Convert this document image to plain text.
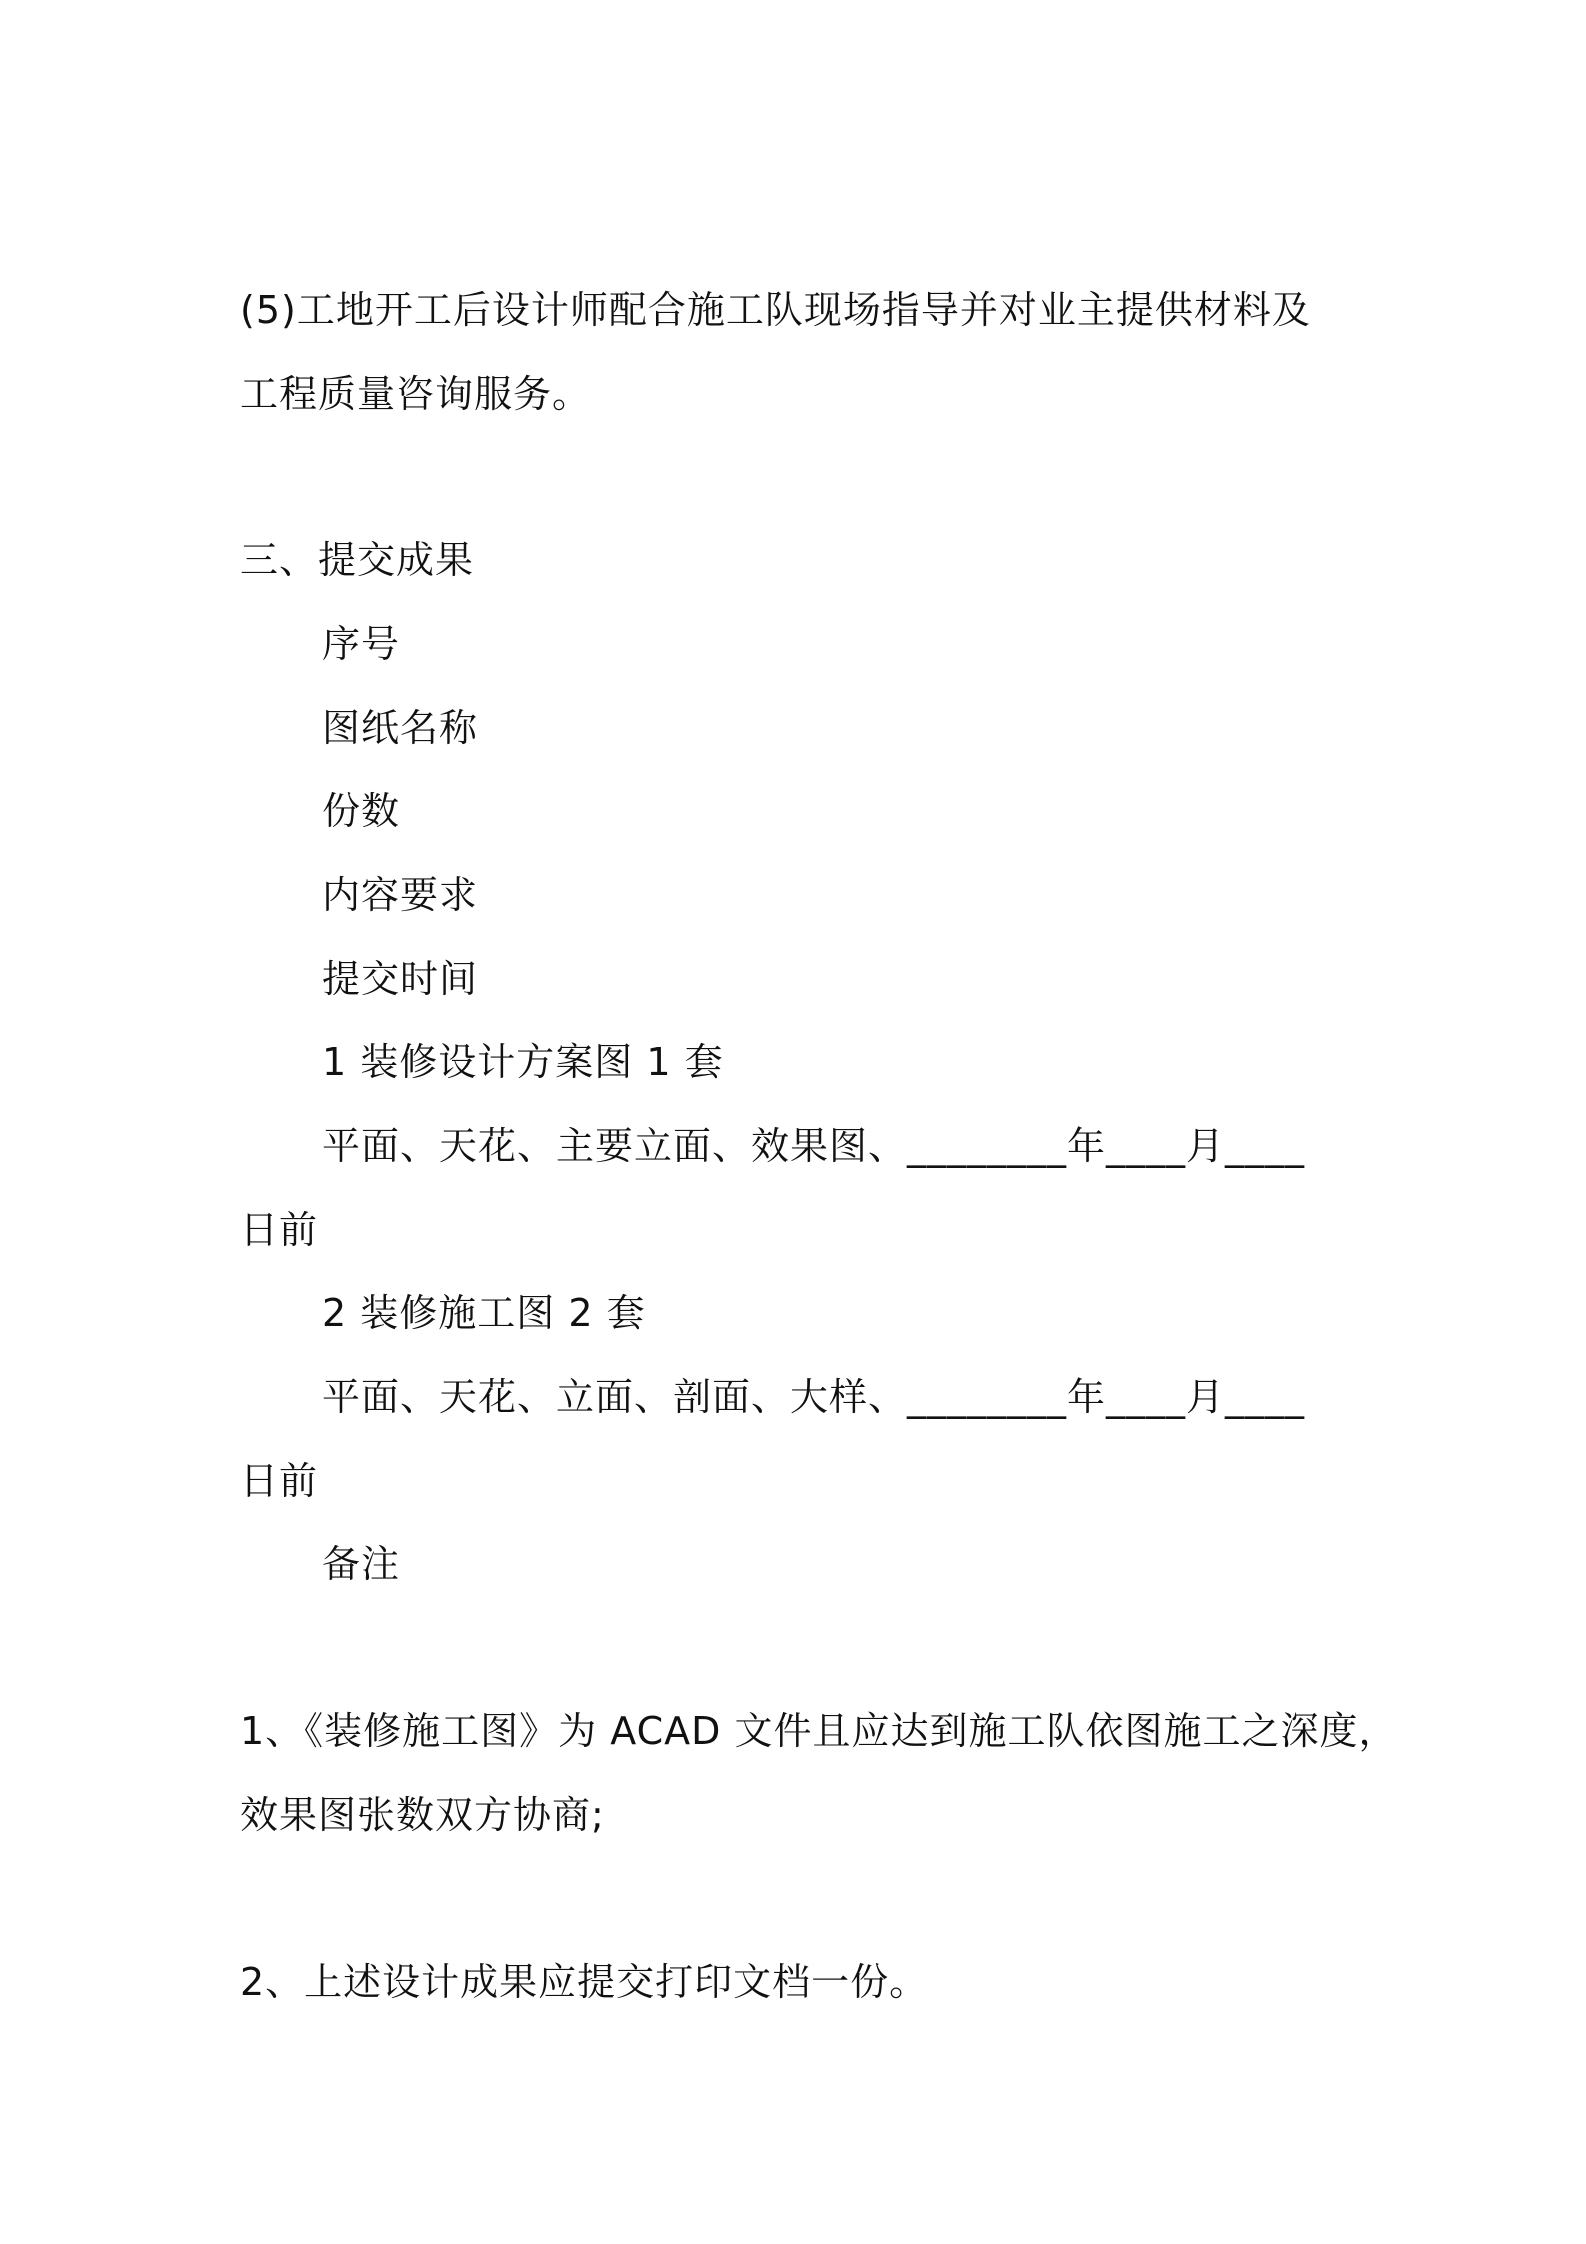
(5)工地开工后设计师配合施工队现场指导并对业主提供材料及
工程质量咨询服务。
三、提交成果
序号
图纸名称
份数
内容要求
提交时间
1 装修设计方案图 1 套
平面、天花、主要立面、效果图、________年____月____
日前
2 装修施工图 2 套
平面、天花、立面、剖面、大样、________年____月____
日前
备注
1、《装修施工图》为 ACAD 文件且应达到施工队依图施工之深度，
效果图张数双方协商;
2、上述设计成果应提交打印文档一份。
